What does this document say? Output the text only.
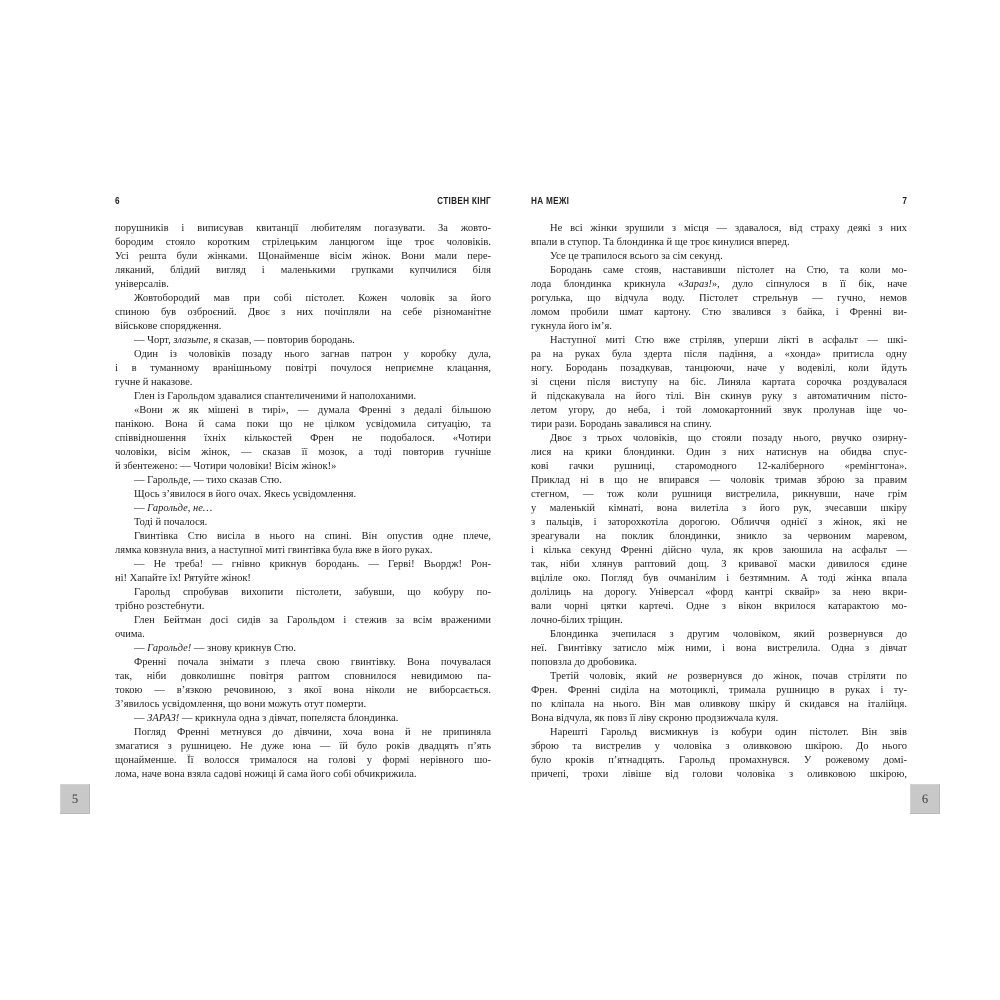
6	СТІВЕН КІНГ
порушників і виписував квитанції любителям погазувати. За жовто-
бородим стояло коротким стрілецьким ланцюгом іще троє чоловіків.
Усі решта були жінками. Щонайменше вісім жінок. Вони мали пере-
ляканий, блідий вигляд і маленькими групками купчилися біля
універсалів.
Жовтобородий мав при собі пістолет. Кожен чоловік за його
спиною був озброєний. Двоє з них почіпляли на себе різноманітне
військове спорядження.
— Чорт, злазьте, я сказав, — повторив бородань.
Один із чоловіків позаду нього загнав патрон у коробку дула,
і в туманному вранішньому повітрі почулося неприємне клацання,
гучне й наказове.
Глен із Гарольдом здавалися спантеличеними й наполоханими.
«Вони ж як мішені в тирі», — думала Френні з дедалі більшою
панікою. Вона й сама поки що не цілком усвідомила ситуацію, та
співвідношення їхніх кількостей Френ не подобалося. «Чотири
чоловіки, вісім жінок, — сказав її мозок, а тоді повторив гучніше
й збентежено: — Чотири чоловіки! Вісім жінок!»
— Гарольде, — тихо сказав Стю.
Щось з’явилося в його очах. Якесь усвідомлення.
— Гарольде, не…
Тоді й почалося.
Гвинтівка Стю висіла в нього на спині. Він опустив одне плече,
лямка ковзнула вниз, а наступної миті гвинтівка була вже в його руках.
— Не треба! — гнівно крикнув бородань. — Герві! Вьордж! Рон-
ні! Хапайте їх! Рятуйте жінок!
Гарольд спробував вихопити пістолети, забувши, що кобуру по-
трібно розстебнути.
Глен Бейтман досі сидів за Гарольдом і стежив за всім враженими
очима.
— Гарольде! — знову крикнув Стю.
Френні почала знімати з плеча свою гвинтівку. Вона почувалася
так, ніби довколишнє повітря раптом сповнилося невидимою па-
токою — в’язкою речовиною, з якої вона ніколи не виборсається.
З’явилось усвідомлення, що вони можуть отут померти.
— ЗАРАЗ! — крикнула одна з дівчат, попеляста блондинка.
Погляд Френні метнувся до дівчини, хоча вона й не припиняла
змагатися з рушницею. Не дуже юна — їй було років двадцять п’ять
щонайменше. Її волосся трималося на голові у формі нерівного шо-
лома, наче вона взяла садові ножиці й сама його собі обчикрижила.
НА МЕЖІ	7
Не всі жінки зрушили з місця — здавалося, від страху деякі з них
впали в ступор. Та блондинка й ще троє кинулися вперед.
Усе це трапилося всього за сім секунд.
Бородань саме стояв, наставивши пістолет на Стю, та коли мо-
лода блондинка крикнула «Зараз!», дуло сіпнулося в її бік, наче
рогулька, що відчула воду. Пістолет стрельнув — гучно, немов
ломом пробили шмат картону. Стю звалився з байка, і Френні ви-
гукнула його ім’я.
Наступної миті Стю вже стріляв, уперши лікті в асфальт — шкі-
ра на руках була здерта після падіння, а «хонда» притисла одну
ногу. Бородань позадкував, танцюючи, наче у водевілі, коли йдуть
зі сцени після виступу на біс. Линяла картата сорочка роздувалася
й підскакувала на його тілі. Він скинув руку з автоматичним пісто-
летом угору, до неба, і той ломокартонний звук пролунав іще чо-
тири рази. Бородань завалився на спину.
Двоє з трьох чоловіків, що стояли позаду нього, рвучко озирну-
лися на крики блондинки. Один з них натиснув на обидва спус-
кові гачки рушниці, старомодного 12-каліберного «ремінгтона».
Приклад ні в що не впирався — чоловік тримав зброю за правим
стегном, — тож коли рушниця вистрелила, рикнувши, наче грім
у маленькій кімнаті, вона вилетіла з його рук, зчесавши шкіру
з пальців, і заторохкотіла дорогою. Обличчя однієї з жінок, які не
зреагували на поклик блондинки, зникло за червоним маревом,
і кілька секунд Френні дійсно чула, як кров заюшила на асфальт —
так, ніби хлянув раптовий дощ. З кривавої маски дивилося єдине
вціліле око. Погляд був очманілим і безтямним. А тоді жінка впала
долілиць на дорогу. Універсал «форд кантрі сквайр» за нею вкри-
вали чорні цятки картечі. Одне з вікон вкрилося катарактою мо-
лочно-білих тріщин.
Блондинка зчепилася з другим чоловіком, який розвернувся до
неї. Гвинтівку затисло між ними, і вона вистрелила. Одна з дівчат
поповзла до дробовика.
Третій чоловік, який не розвернувся до жінок, почав стріляти по
Френ. Френні сиділа на мотоциклі, тримала рушницю в руках і ту-
по кліпала на нього. Він мав оливкову шкіру й скидався на італійця.
Вона відчула, як повз її ліву скроню продзижчала куля.
Нарешті Гарольд висмикнув із кобури один пістолет. Він звів
зброю та вистрелив у чоловіка з оливковою шкірою. До нього
було кроків п’ятнадцять. Гарольд промахнувся. У рожевому домі-
причепі, трохи лівіше від голови чоловіка з оливковою шкірою,
5	6
